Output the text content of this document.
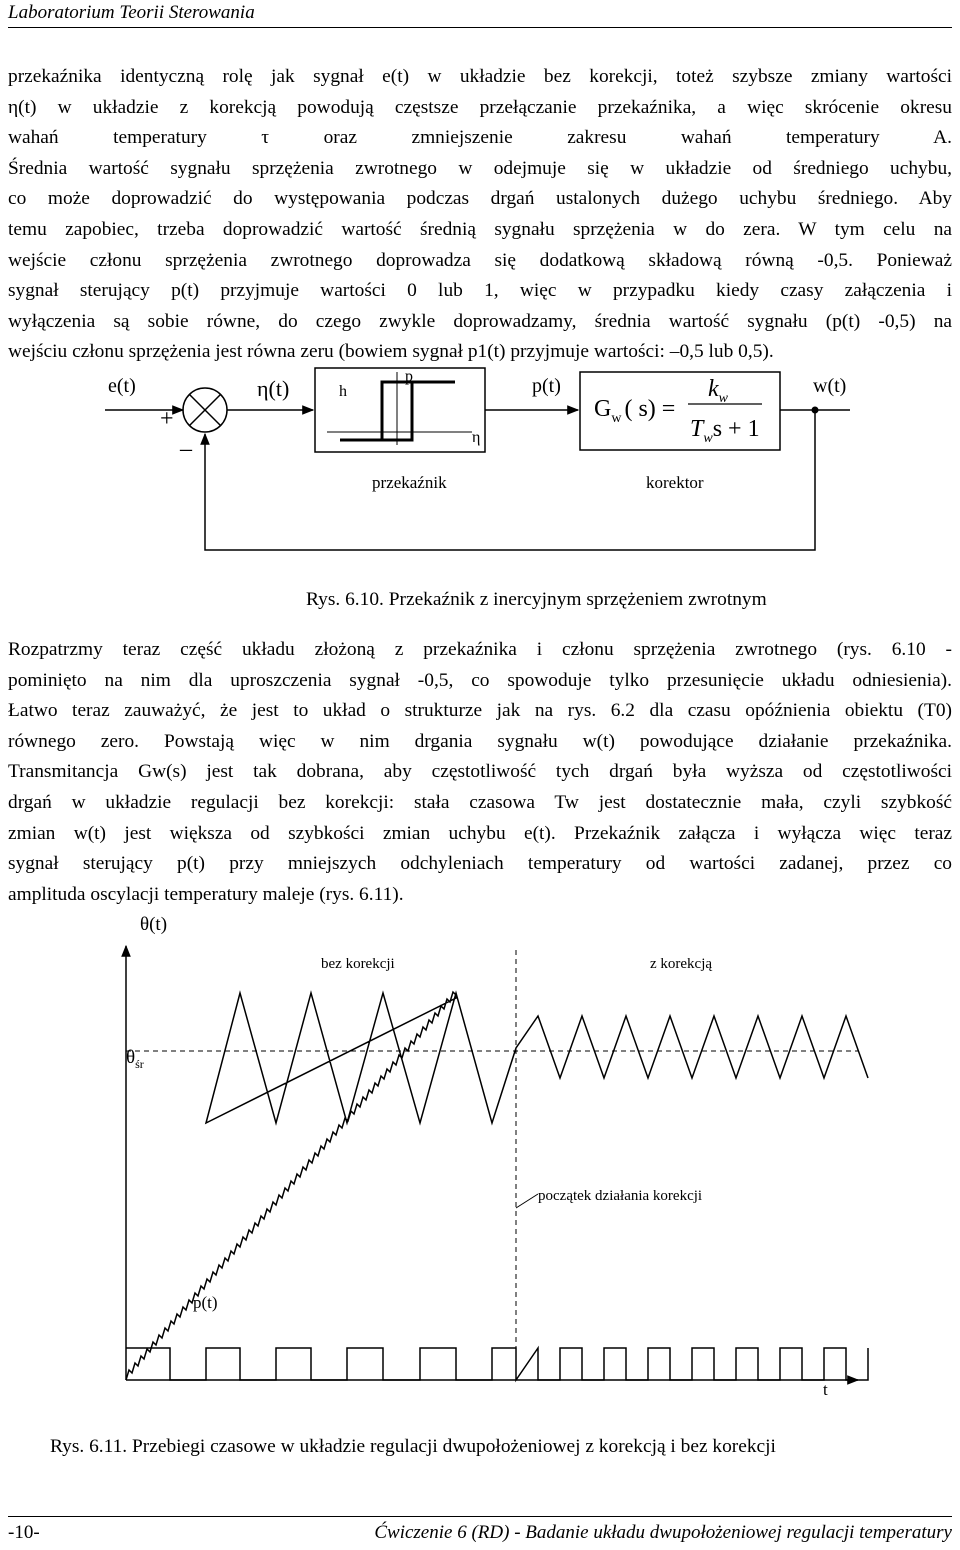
Laboratorium Teorii Sterowania
przekaźnika identyczną rolę jak sygnał e(t) w układzie bez korekcji, toteż szybsze zmiany wartości
η(t) w układzie z korekcją powodują częstsze przełączanie przekaźnika, a więc skrócenie okresu
wahań temperatury τ oraz zmniejszenie zakresu wahań temperatury A.
Średnia wartość sygnału sprzężenia zwrotnego w odejmuje się w układzie od średniego uchybu,
co może doprowadzić do występowania podczas drgań ustalonych dużego uchybu średniego. Aby
temu zapobiec, trzeba doprowadzić wartość średnią sygnału sprzężenia w do zera. W tym celu na
wejście członu sprzężenia zwrotnego doprowadza się dodatkową składową równą -0,5. Ponieważ
sygnał sterujący p(t) przyjmuje wartości 0 lub 1, więc w przypadku kiedy czasy załączenia i
wyłączenia są sobie równe, do czego zwykle doprowadzamy, średnia wartość sygnału (p(t) -0,5) na
wejściu członu sprzężenia jest równa zeru (bowiem sygnał p1(t) przyjmuje wartości: –0,5 lub 0,5).
e(t)
+
–
η(t)	h
p
η
p(t)	w(t)
$G_w$ ( s) =
$k_w$
$T_ws + 1$
przekaźnik	korektor
Rys. 6.10. Przekaźnik z inercyjnym sprzężeniem zwrotnym
Rozpatrzmy teraz część układu złożoną z przekaźnika i członu sprzężenia zwrotnego (rys. 6.10 -
pominięto na nim dla uproszczenia sygnał -0,5, co spowoduje tylko przesunięcie układu odniesienia).
Łatwo teraz zauważyć, że jest to układ o strukturze jak na rys. 6.2 dla czasu opóźnienia obiektu (T0)
równego zero. Powstają więc w nim drgania sygnału w(t) powodujące działanie przekaźnika.
Transmitancja Gw(s) jest tak dobrana, aby częstotliwość tych drgań była wyższa od częstotliwości
drgań w układzie regulacji bez korekcji: stała czasowa Tw jest dostatecznie mała, czyli szybkość
zmian w(t) jest większa od szybkości zmian uchybu e(t). Przekaźnik załącza i wyłącza więc teraz
sygnał sterujący p(t) przy mniejszych odchyleniach temperatury od wartości zadanej, przez co
amplituda oscylacji temperatury maleje (rys. 6.11).
θ(t)
bez korekcji	z korekcją
$\theta_{śr}$
początek działania korekcji
p(t)
t
Rys. 6.11. Przebiegi czasowe w układzie regulacji dwupołożeniowej z korekcją i bez korekcji
-10-	Ćwiczenie 6 (RD) - Badanie układu dwupołożeniowej regulacji temperatury
